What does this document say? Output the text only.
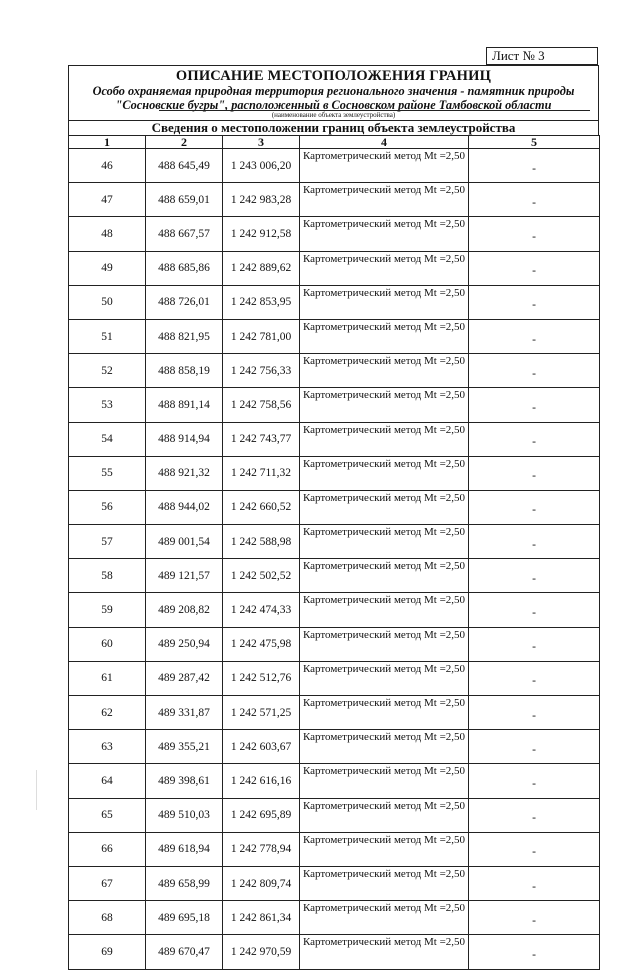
Лист № 3
ОПИСАНИЕ МЕСТОПОЛОЖЕНИЯ ГРАНИЦ
Особо охраняемая природная территория регионального значения - памятник природы "Сосновские бугры", расположенный в Сосновском районе Тамбовской области
(наименование объекта землеустройства)
Сведения о местоположении границ объекта землеустройства
1	2	3	4	5
46	488 645,49	1 243 006,20	Картометрический метод Mt =2,50	-
47	488 659,01	1 242 983,28	Картометрический метод Mt =2,50	-
48	488 667,57	1 242 912,58	Картометрический метод Mt =2,50	-
49	488 685,86	1 242 889,62	Картометрический метод Mt =2,50	-
50	488 726,01	1 242 853,95	Картометрический метод Mt =2,50	-
51	488 821,95	1 242 781,00	Картометрический метод Mt =2,50	-
52	488 858,19	1 242 756,33	Картометрический метод Mt =2,50	-
53	488 891,14	1 242 758,56	Картометрический метод Mt =2,50	-
54	488 914,94	1 242 743,77	Картометрический метод Mt =2,50	-
55	488 921,32	1 242 711,32	Картометрический метод Mt =2,50	-
56	488 944,02	1 242 660,52	Картометрический метод Mt =2,50	-
57	489 001,54	1 242 588,98	Картометрический метод Mt =2,50	-
58	489 121,57	1 242 502,52	Картометрический метод Mt =2,50	-
59	489 208,82	1 242 474,33	Картометрический метод Mt =2,50	-
60	489 250,94	1 242 475,98	Картометрический метод Mt =2,50	-
61	489 287,42	1 242 512,76	Картометрический метод Mt =2,50	-
62	489 331,87	1 242 571,25	Картометрический метод Mt =2,50	-
63	489 355,21	1 242 603,67	Картометрический метод Mt =2,50	-
64	489 398,61	1 242 616,16	Картометрический метод Mt =2,50	-
65	489 510,03	1 242 695,89	Картометрический метод Mt =2,50	-
66	489 618,94	1 242 778,94	Картометрический метод Mt =2,50	-
67	489 658,99	1 242 809,74	Картометрический метод Mt =2,50	-
68	489 695,18	1 242 861,34	Картометрический метод Mt =2,50	-
69	489 670,47	1 242 970,59	Картометрический метод Mt =2,50	-
